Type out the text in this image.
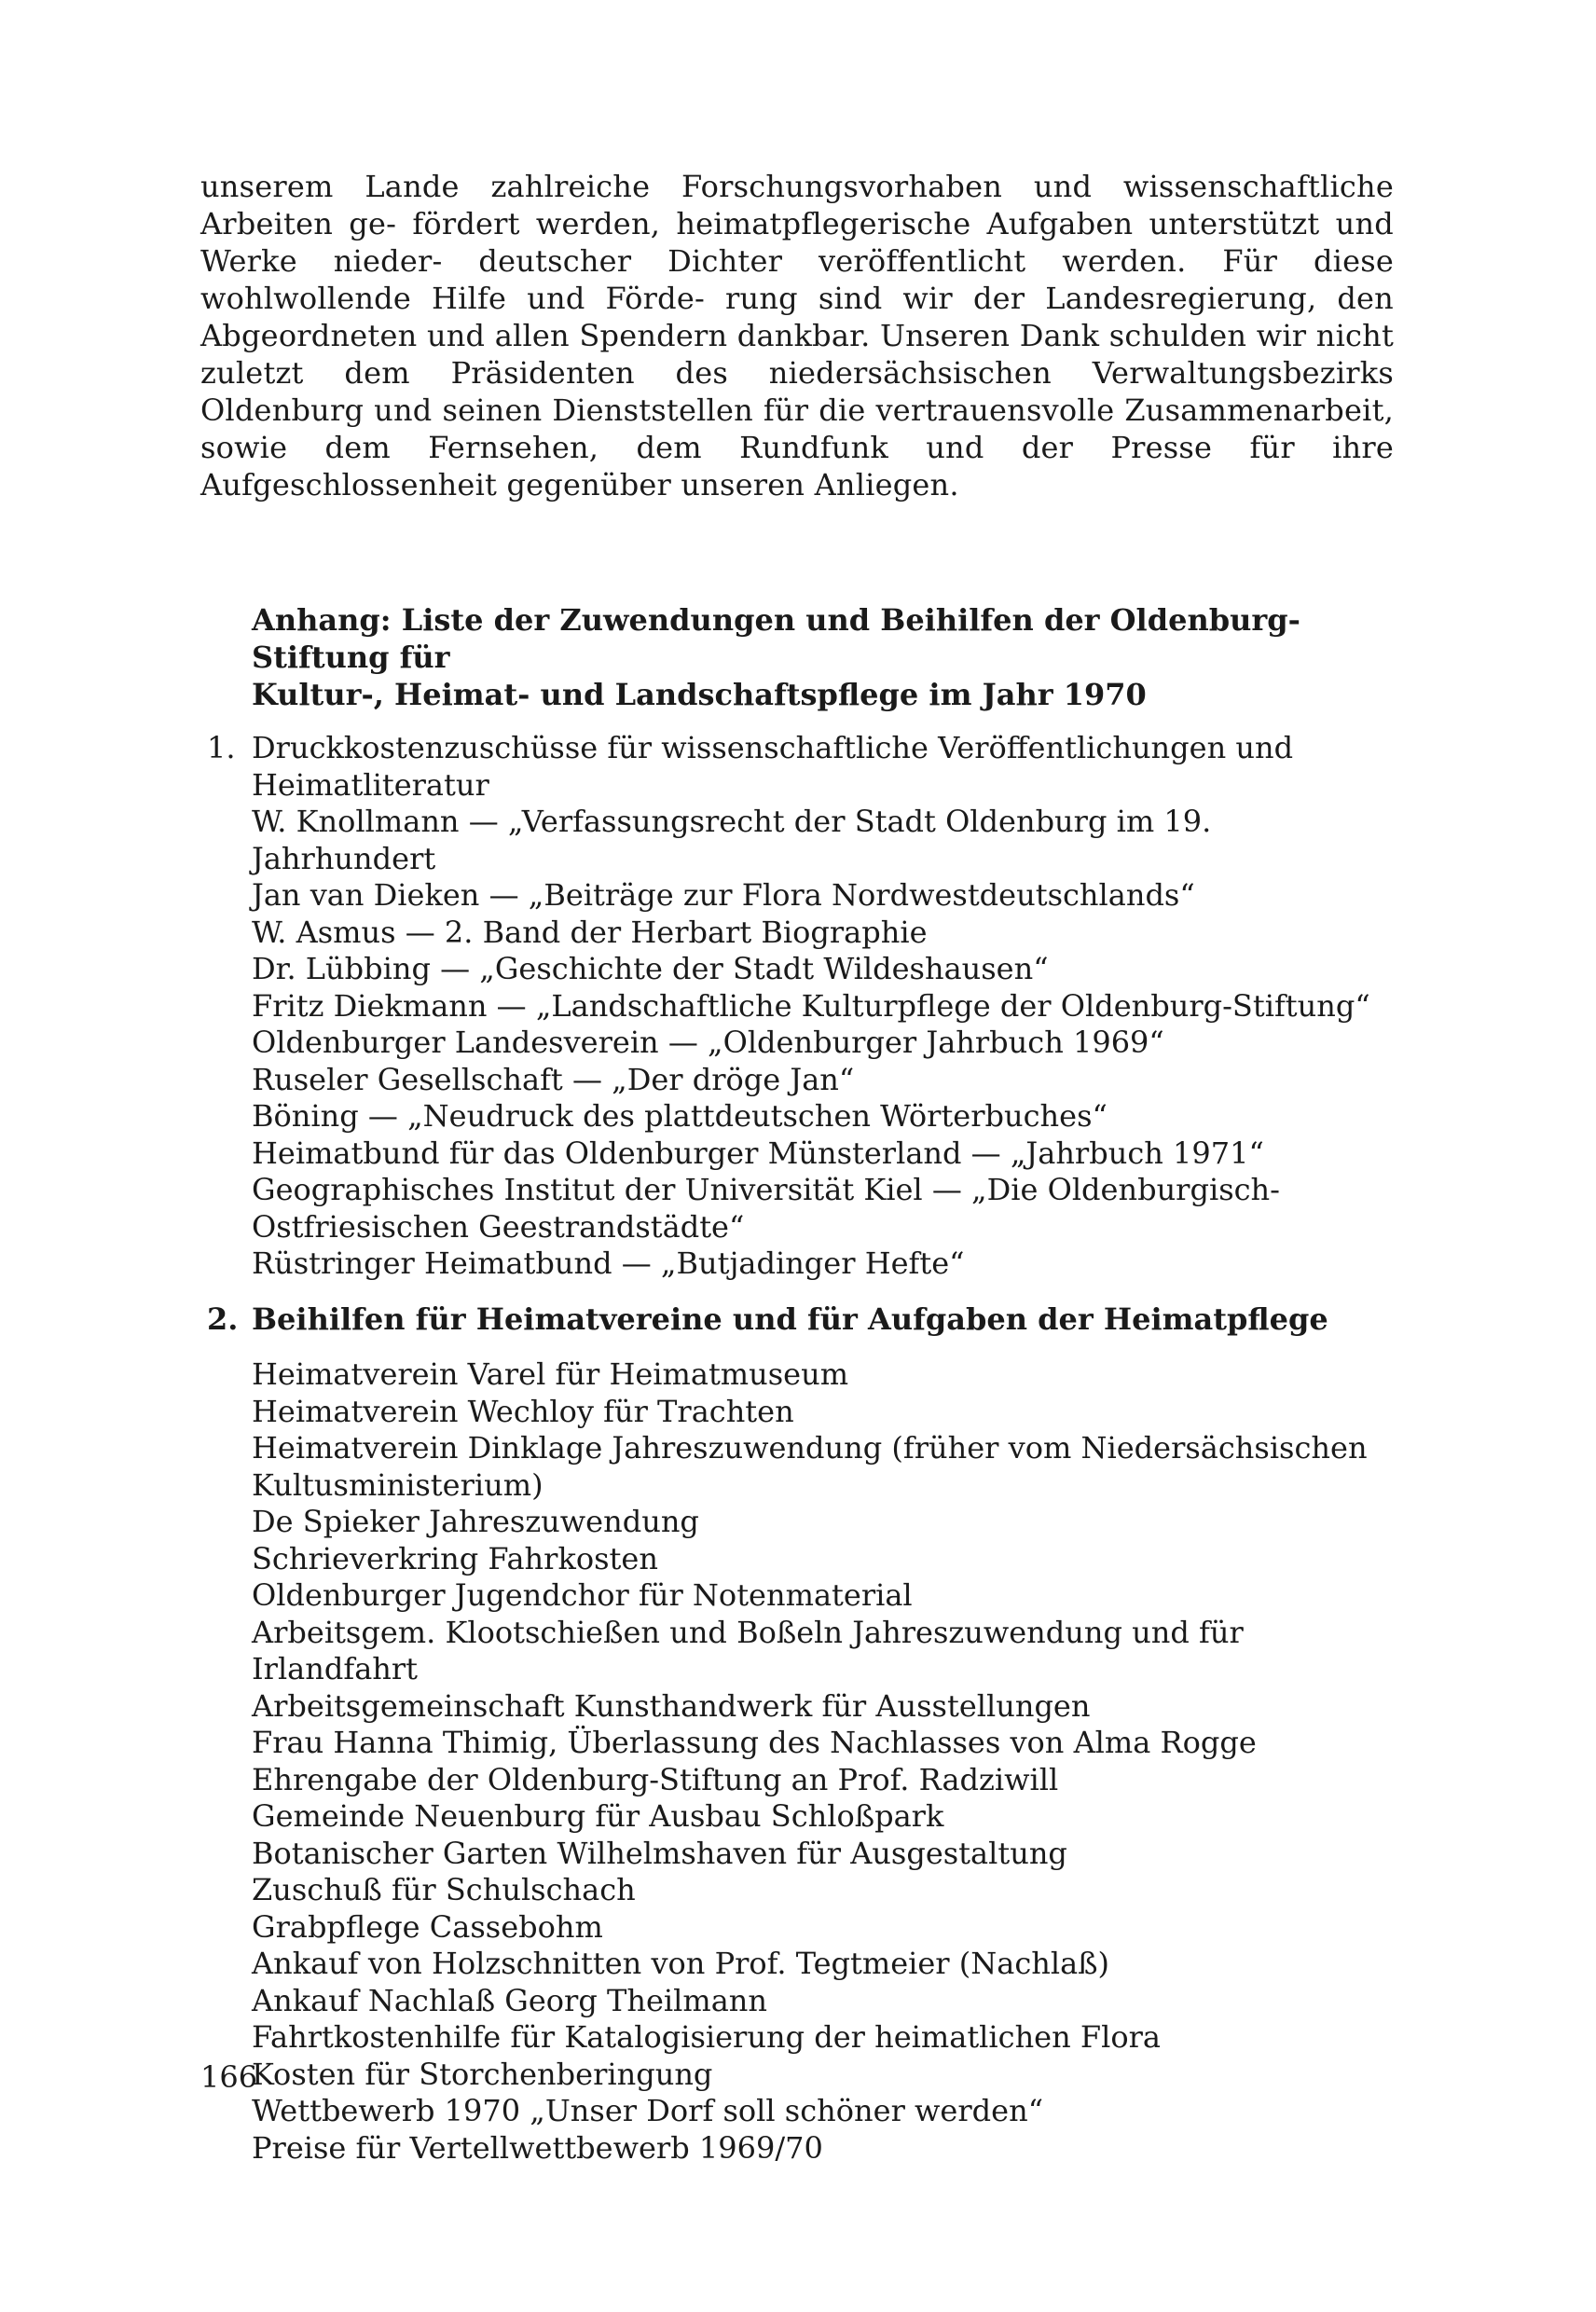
unserem Lande zahlreiche Forschungsvorhaben und wissenschaftliche Arbeiten ge- fördert werden, heimatpflegerische Aufgaben unterstützt und Werke nieder- deutscher Dichter veröffentlicht werden. Für diese wohlwollende Hilfe und Förde- rung sind wir der Landesregierung, den Abgeordneten und allen Spendern dankbar. Unseren Dank schulden wir nicht zuletzt dem Präsidenten des niedersächsischen Verwaltungsbezirks Oldenburg und seinen Dienststellen für die vertrauensvolle Zusammenarbeit, sowie dem Fernsehen, dem Rundfunk und der Presse für ihre Aufgeschlossenheit gegenüber unseren Anliegen.

Anhang: Liste der Zuwendungen und Beihilfen der Oldenburg-Stiftung für
Kultur-, Heimat- und Landschaftspflege im Jahr 1970
1. Druckkostenzuschüsse für wissenschaftliche Veröffentlichungen und
Heimatliteratur
W. Knollmann — „Verfassungsrecht der Stadt Oldenburg im 19. Jahrhundert
Jan van Dieken — „Beiträge zur Flora Nordwestdeutschlands“
W. Asmus — 2. Band der Herbart Biographie
Dr. Lübbing — „Geschichte der Stadt Wildeshausen“
Fritz Diekmann — „Landschaftliche Kulturpflege der Oldenburg-Stiftung“
Oldenburger Landesverein — „Oldenburger Jahrbuch 1969“
Ruseler Gesellschaft — „Der dröge Jan“
Böning — „Neudruck des plattdeutschen Wörterbuches“
Heimatbund für das Oldenburger Münsterland — „Jahrbuch 1971“
Geographisches Institut der Universität Kiel — „Die Oldenburgisch-
Ostfriesischen Geestrandstädte“
Rüstringer Heimatbund — „Butjadinger Hefte“
2. Beihilfen für Heimatvereine und für Aufgaben der Heimatpflege
Heimatverein Varel für Heimatmuseum
Heimatverein Wechloy für Trachten
Heimatverein Dinklage Jahreszuwendung (früher vom Niedersächsischen
Kultusministerium)
De Spieker Jahreszuwendung
Schrieverkring Fahrkosten
Oldenburger Jugendchor für Notenmaterial
Arbeitsgem. Klootschießen und Boßeln Jahreszuwendung und für Irlandfahrt
Arbeitsgemeinschaft Kunsthandwerk für Ausstellungen
Frau Hanna Thimig, Überlassung des Nachlasses von Alma Rogge
Ehrengabe der Oldenburg-Stiftung an Prof. Radziwill
Gemeinde Neuenburg für Ausbau Schloßpark
Botanischer Garten Wilhelmshaven für Ausgestaltung
Zuschuß für Schulschach
Grabpflege Cassebohm
Ankauf von Holzschnitten von Prof. Tegtmeier (Nachlaß)
Ankauf Nachlaß Georg Theilmann
Fahrtkostenhilfe für Katalogisierung der heimatlichen Flora
Kosten für Storchenberingung
Wettbewerb 1970 „Unser Dorf soll schöner werden“
Preise für Vertellwettbewerb 1969/70
166
